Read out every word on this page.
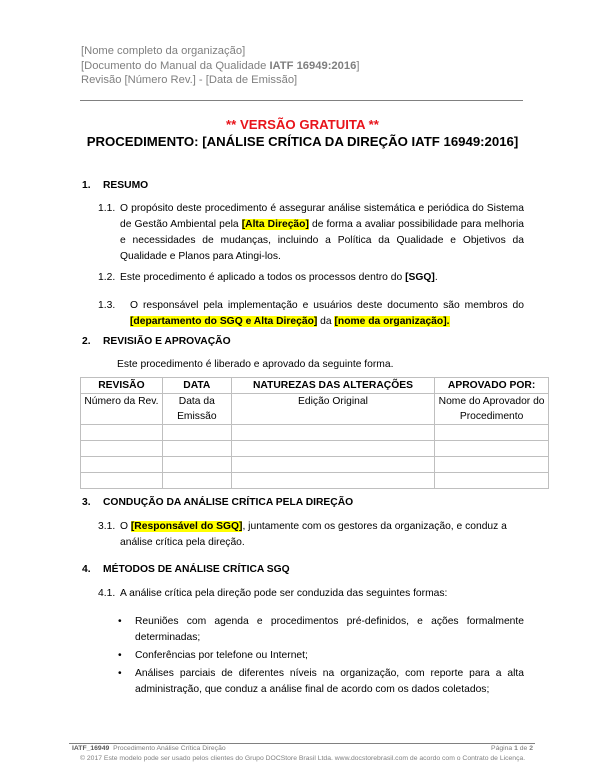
[Nome completo da organização]
[Documento do Manual da Qualidade IATF 16949:2016]
Revisão [Número Rev.] - [Data de Emissão]
** VERSÃO GRATUITA **
PROCEDIMENTO: [ANÁLISE CRÍTICA DA DIREÇÃO IATF 16949:2016]
1. RESUMO
1.1. O propósito deste procedimento é assegurar análise sistemática e periódica do Sistema de Gestão Ambiental pela [Alta Direção] de forma a avaliar possibilidade para melhoria e necessidades de mudanças, incluindo a Política da Qualidade e Objetivos da Qualidade e Planos para Atingi-los.
1.2. Este procedimento é aplicado a todos os processos dentro do [SGQ].
1.3.	O responsável pela implementação e usuários deste documento são membros do [departamento do SGQ e Alta Direção] da [nome da organização].
2. REVISIÃO E APROVAÇÃO
Este procedimento é liberado e aprovado da seguinte forma.
REVISÃO	DATA	NATUREZAS DAS ALTERAÇÕES	APROVADO POR:
Número da Rev.	Data da Emissão	Edição Original	Nome do Aprovador do Procedimento

3. CONDUÇÃO DA ANÁLISE CRÍTICA PELA DIREÇÃO
3.1. O [Responsável do SGQ], juntamente com os gestores da organização, e conduz a análise crítica pela direção.
4. MÉTODOS DE ANÁLISE CRÍTICA SGQ
4.1. A análise crítica pela direção pode ser conduzida das seguintes formas:
• Reuniões com agenda e procedimentos pré-definidos, e ações formalmente determinadas;
• Conferências por telefone ou Internet;
• Análises parciais de diferentes níveis na organização, com reporte para a alta administração, que conduz a análise final de acordo com os dados coletados;
IATF_16949 Procedimento Análise Crítica Direção	Página 1 de 2
© 2017 Este modelo pode ser usado pelos clientes do Grupo DOCStore Brasil Ltda. www.docstorebrasil.com de acordo com o Contrato de Licença.
